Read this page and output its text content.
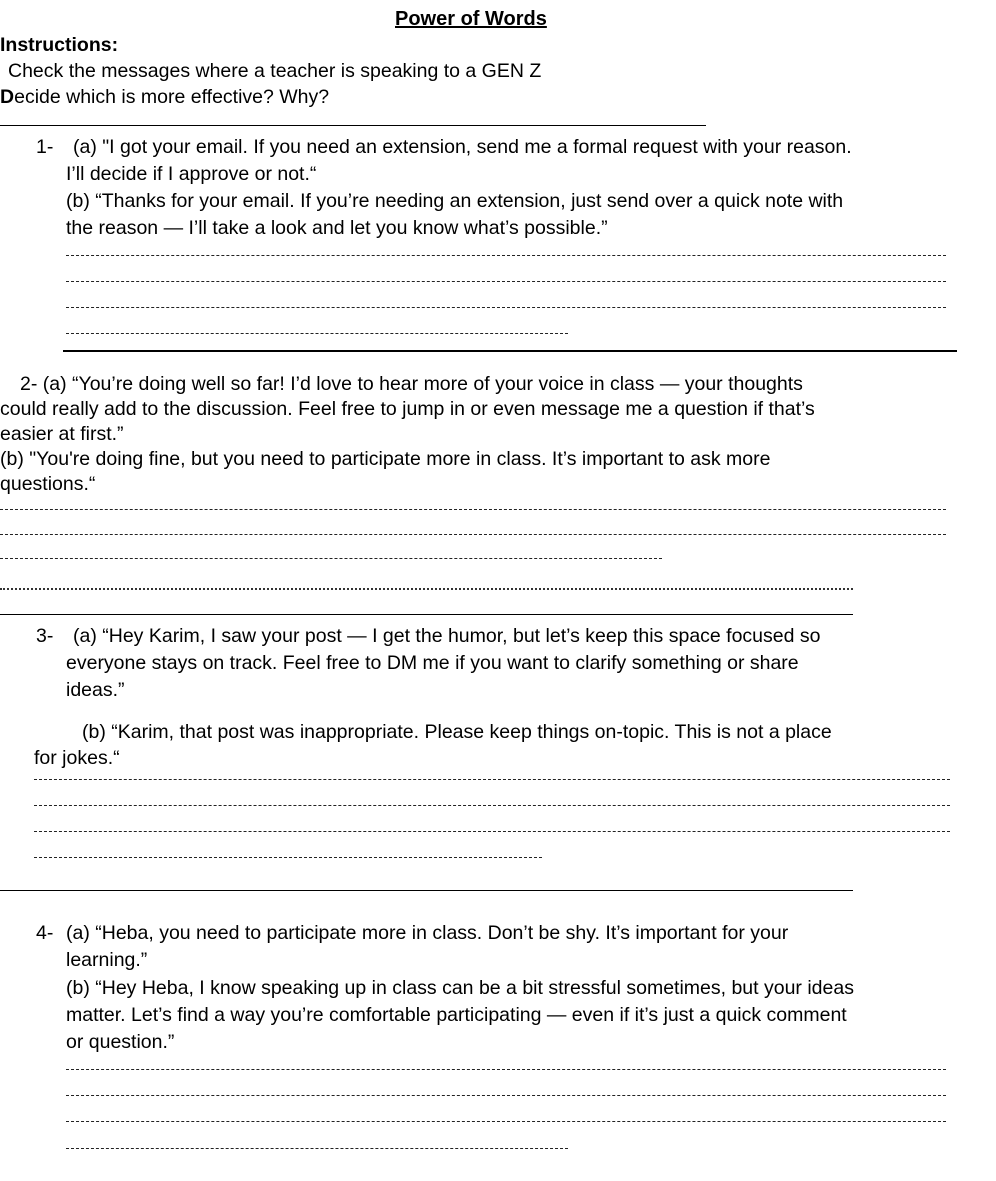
Power of Words
Instructions:
Check the messages where a teacher is speaking to a GEN Z
Decide which is more effective? Why?
1- (a) "I got your email. If you need an extension, send me a formal request with your reason.
I’ll decide if I approve or not.“
(b) “Thanks for your email. If you’re needing an extension, just send over a quick note with
the reason — I’ll take a look and let you know what’s possible.”
2- (a) “You’re doing well so far! I’d love to hear more of your voice in class — your thoughts
could really add to the discussion. Feel free to jump in or even message me a question if that’s
easier at first.”
(b) "You're doing fine, but you need to participate more in class. It’s important to ask more
questions.“
3- (a) “Hey Karim, I saw your post — I get the humor, but let’s keep this space focused so
everyone stays on track. Feel free to DM me if you want to clarify something or share
ideas.”
(b) “Karim, that post was inappropriate. Please keep things on-topic. This is not a place
for jokes.“
4- (a) “Heba, you need to participate more in class. Don’t be shy. It’s important for your
learning.”
(b) “Hey Heba, I know speaking up in class can be a bit stressful sometimes, but your ideas
matter. Let’s find a way you’re comfortable participating — even if it’s just a quick comment
or question.”
